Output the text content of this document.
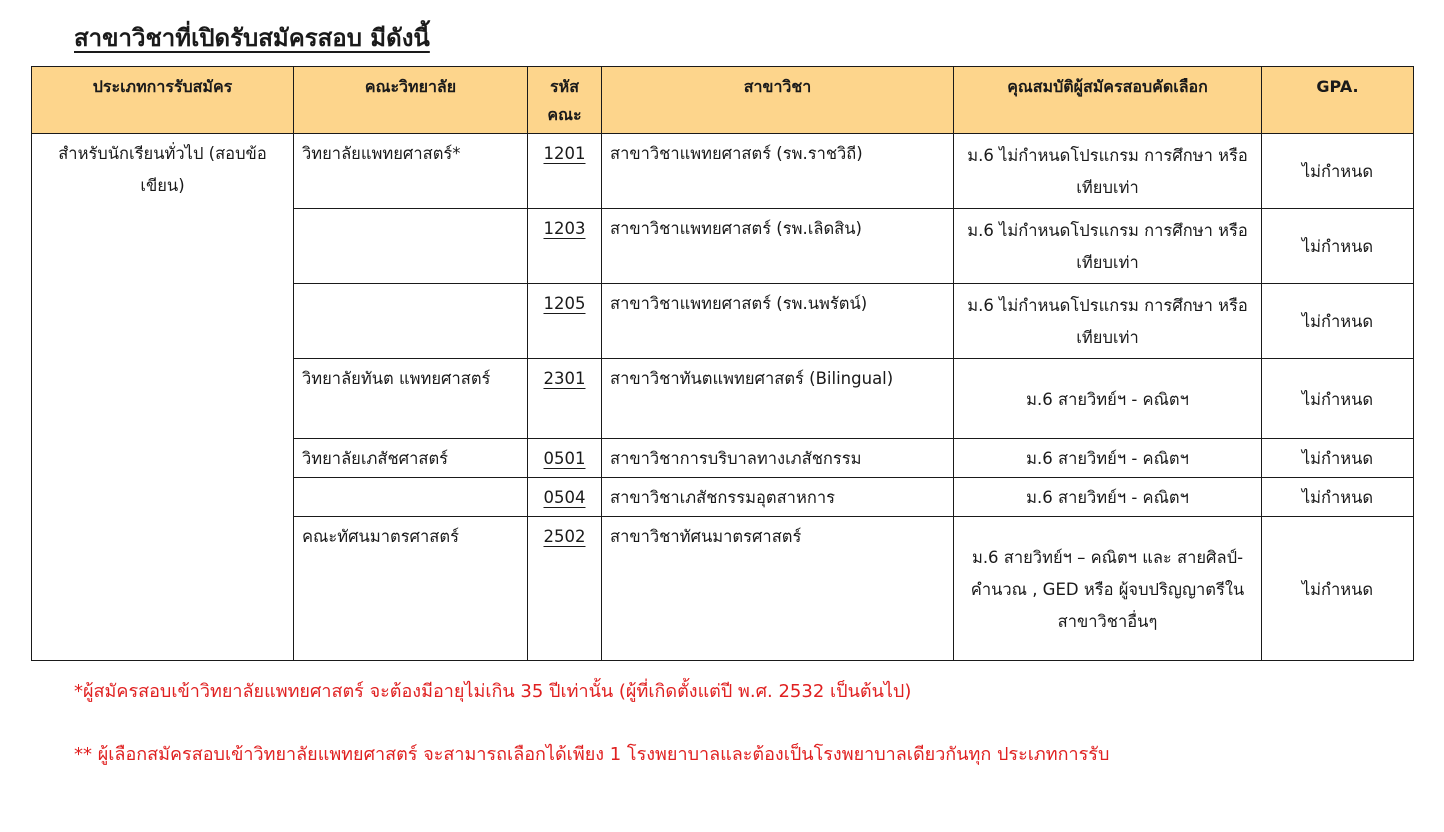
สาขาวิชาที่เปิดรับสมัครสอบ มีดังนี้
ประเภทการรับสมัคร	คณะวิทยาลัย	รหัส คณะ	สาขาวิชา	คุณสมบัติผู้สมัครสอบคัดเลือก	GPA.
สำหรับนักเรียนทั่วไป (สอบข้อเขียน)	วิทยาลัยแพทยศาสตร์*	1201	สาขาวิชาแพทยศาสตร์ (รพ.ราชวิถี)	ม.6 ไม่กำหนดโปรแกรม การศึกษา หรือเทียบเท่า	ไม่กำหนด
		1203	สาขาวิชาแพทยศาสตร์ (รพ.เลิดสิน)	ม.6 ไม่กำหนดโปรแกรม การศึกษา หรือเทียบเท่า	ไม่กำหนด
		1205	สาขาวิชาแพทยศาสตร์ (รพ.นพรัตน์)	ม.6 ไม่กำหนดโปรแกรม การศึกษา หรือเทียบเท่า	ไม่กำหนด
	วิทยาลัยทันต แพทยศาสตร์	2301	สาขาวิชาทันตแพทยศาสตร์ (Bilingual)	ม.6 สายวิทย์ฯ - คณิตฯ	ไม่กำหนด
	วิทยาลัยเภสัชศาสตร์	0501	สาขาวิชาการบริบาลทางเภสัชกรรม	ม.6 สายวิทย์ฯ - คณิตฯ	ไม่กำหนด
		0504	สาขาวิชาเภสัชกรรมอุตสาหการ	ม.6 สายวิทย์ฯ - คณิตฯ	ไม่กำหนด
	คณะทัศนมาตรศาสตร์	2502	สาขาวิชาทัศนมาตรศาสตร์	ม.6 สายวิทย์ฯ – คณิตฯ และ สายศิลป์-คำนวณ , GED หรือ ผู้จบปริญญาตรีใน สาขาวิชาอื่นๆ	ไม่กำหนด

*ผู้สมัครสอบเข้าวิทยาลัยแพทยศาสตร์ จะต้องมีอายุไม่เกิน 35 ปีเท่านั้น (ผู้ที่เกิดตั้งแต่ปี พ.ศ. 2532 เป็นต้นไป)

** ผู้เลือกสมัครสอบเข้าวิทยาลัยแพทยศาสตร์ จะสามารถเลือกได้เพียง 1 โรงพยาบาลและต้องเป็นโรงพยาบาลเดียวกันทุก ประเภทการรับ
